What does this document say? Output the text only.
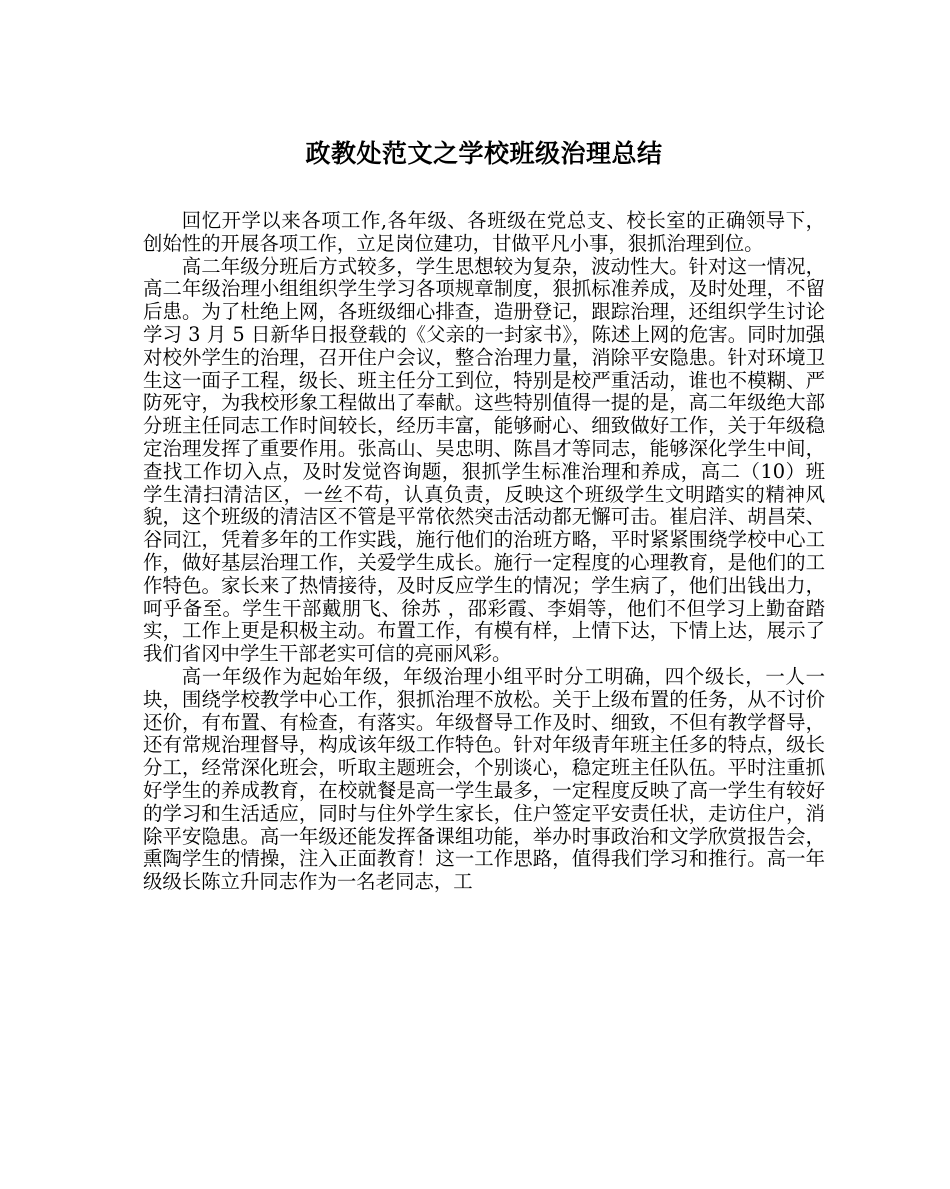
政教处范文之学校班级治理总结

回忆开学以来各项工作,各年级、各班级在党总支、校长室的正确领导下，创始性的开展各项工作，立足岗位建功，甘做平凡小事，狠抓治理到位。

高二年级分班后方式较多，学生思想较为复杂，波动性大。针对这一情况，高二年级治理小组组织学生学习各项规章制度，狠抓标准养成，及时处理，不留后患。为了杜绝上网，各班级细心排查，造册登记，跟踪治理，还组织学生讨论学习 3 月 5 日新华日报登载的《父亲的一封家书》，陈述上网的危害。同时加强对校外学生的治理，召开住户会议，整合治理力量，消除平安隐患。针对环境卫生这一面子工程，级长、班主任分工到位，特别是校严重活动，谁也不模糊、严防死守，为我校形象工程做出了奉献。这些特别值得一提的是，高二年级绝大部分班主任同志工作时间较长，经历丰富，能够耐心、细致做好工作，关于年级稳定治理发挥了重要作用。张高山、吴忠明、陈昌才等同志，能够深化学生中间，查找工作切入点，及时发觉咨询题，狠抓学生标准治理和养成，高二（10）班学生清扫清洁区，一丝不苟，认真负责，反映这个班级学生文明踏实的精神风貌，这个班级的清洁区不管是平常依然突击活动都无懈可击。崔启洋、胡昌荣、谷同江，凭着多年的工作实践，施行他们的治班方略，平时紧紧围绕学校中心工作，做好基层治理工作，关爱学生成长。施行一定程度的心理教育，是他们的工作特色。家长来了热情接待，及时反应学生的情况；学生病了，他们出钱出力，呵乎备至。学生干部戴朋飞、徐苏 ，邵彩霞、李娟等，他们不但学习上勤奋踏实，工作上更是积极主动。布置工作，有模有样，上情下达，下情上达，展示了我们省冈中学生干部老实可信的亮丽风彩。

高一年级作为起始年级，年级治理小组平时分工明确，四个级长，一人一块，围绕学校教学中心工作，狠抓治理不放松。关于上级布置的任务，从不讨价还价，有布置、有检查，有落实。年级督导工作及时、细致，不但有教学督导，还有常规治理督导，构成该年级工作特色。针对年级青年班主任多的特点，级长分工，经常深化班会，听取主题班会，个别谈心，稳定班主任队伍。平时注重抓好学生的养成教育，在校就餐是高一学生最多，一定程度反映了高一学生有较好的学习和生活适应，同时与住外学生家长，住户签定平安责任状，走访住户，消除平安隐患。高一年级还能发挥备课组功能，举办时事政治和文学欣赏报告会，熏陶学生的情操，注入正面教育！这一工作思路，值得我们学习和推行。高一年级级长陈立升同志作为一名老同志，工
